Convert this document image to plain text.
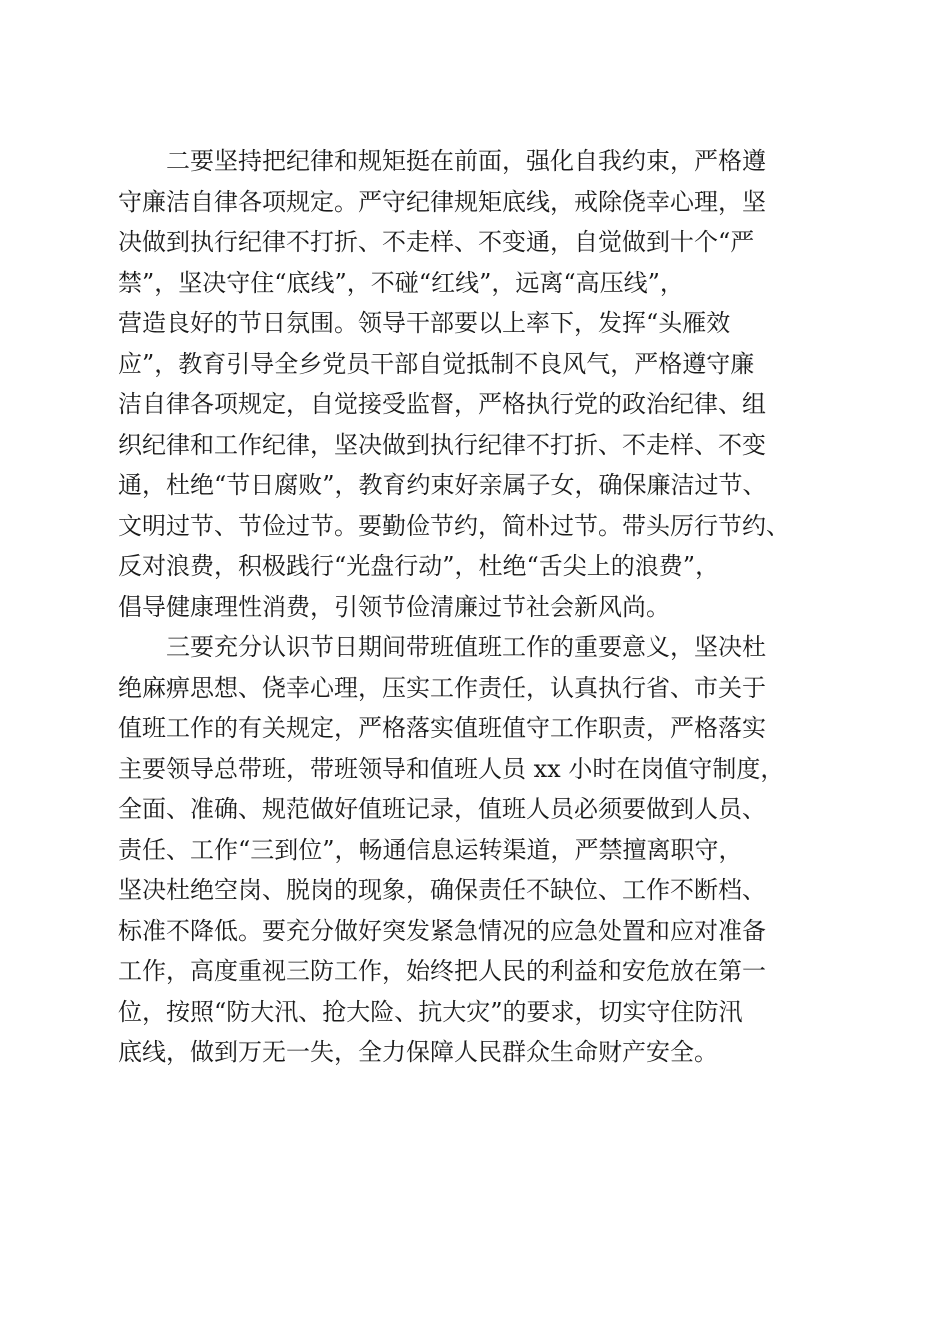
二要坚持把纪律和规矩挺在前面，强化自我约束，严格遵
守廉洁自律各项规定。严守纪律规矩底线，戒除侥幸心理，坚
决做到执行纪律不打折、不走样、不变通，自觉做到十个“严
禁”，坚决守住“底线”，不碰“红线”，远离“高压线”，
营造良好的节日氛围。领导干部要以上率下，发挥“头雁效
应”，教育引导全乡党员干部自觉抵制不良风气，严格遵守廉
洁自律各项规定，自觉接受监督，严格执行党的政治纪律、组
织纪律和工作纪律，坚决做到执行纪律不打折、不走样、不变
通，杜绝“节日腐败”，教育约束好亲属子女，确保廉洁过节、
文明过节、节俭过节。要勤俭节约，简朴过节。带头厉行节约、
反对浪费，积极践行“光盘行动”，杜绝“舌尖上的浪费”，
倡导健康理性消费，引领节俭清廉过节社会新风尚。
三要充分认识节日期间带班值班工作的重要意义，坚决杜
绝麻痹思想、侥幸心理，压实工作责任，认真执行省、市关于
值班工作的有关规定，严格落实值班值守工作职责，严格落实
主要领导总带班，带班领导和值班人员 xx 小时在岗值守制度，
全面、准确、规范做好值班记录，值班人员必须要做到人员、
责任、工作“三到位”，畅通信息运转渠道，严禁擅离职守，
坚决杜绝空岗、脱岗的现象，确保责任不缺位、工作不断档、
标准不降低。要充分做好突发紧急情况的应急处置和应对准备
工作，高度重视三防工作，始终把人民的利益和安危放在第一
位，按照“防大汛、抢大险、抗大灾”的要求，切实守住防汛
底线，做到万无一失，全力保障人民群众生命财产安全。
